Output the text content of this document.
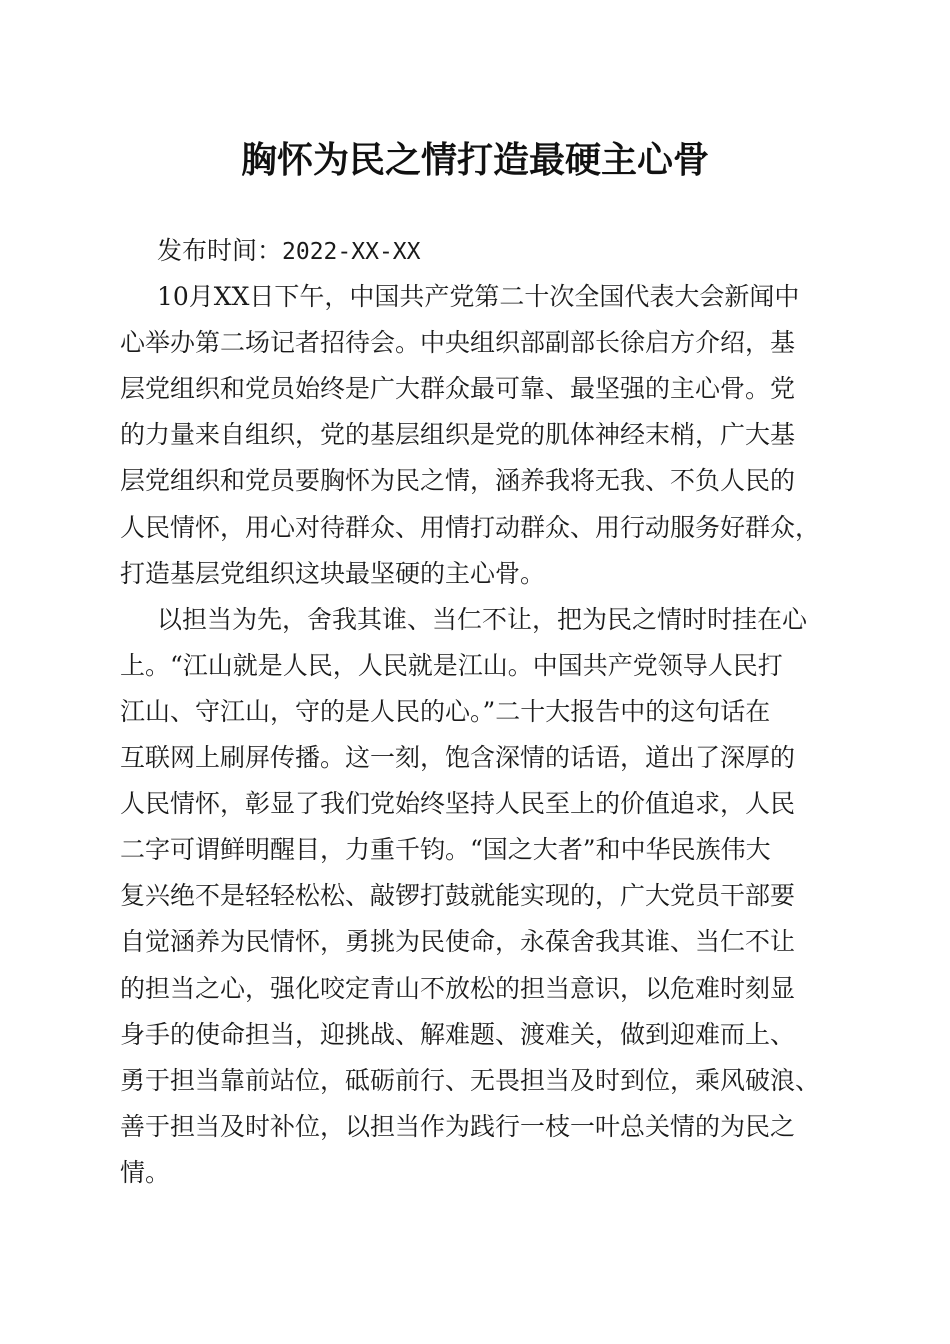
胸怀为民之情打造最硬主心骨
发布时间：2022-XX-XX
10月XX日下午，中国共产党第二十次全国代表大会新闻中
心举办第二场记者招待会。中央组织部副部长徐启方介绍，基
层党组织和党员始终是广大群众最可靠、最坚强的主心骨。党
的力量来自组织，党的基层组织是党的肌体神经末梢，广大基
层党组织和党员要胸怀为民之情，涵养我将无我、不负人民的
人民情怀，用心对待群众、用情打动群众、用行动服务好群众，
打造基层党组织这块最坚硬的主心骨。
以担当为先，舍我其谁、当仁不让，把为民之情时时挂在心
上。“江山就是人民，人民就是江山。中国共产党领导人民打
江山、守江山，守的是人民的心。”二十大报告中的这句话在
互联网上刷屏传播。这一刻，饱含深情的话语，道出了深厚的
人民情怀，彰显了我们党始终坚持人民至上的价值追求，人民
二字可谓鲜明醒目，力重千钧。“国之大者”和中华民族伟大
复兴绝不是轻轻松松、敲锣打鼓就能实现的，广大党员干部要
自觉涵养为民情怀，勇挑为民使命，永葆舍我其谁、当仁不让
的担当之心，强化咬定青山不放松的担当意识，以危难时刻显
身手的使命担当，迎挑战、解难题、渡难关，做到迎难而上、
勇于担当靠前站位，砥砺前行、无畏担当及时到位，乘风破浪、
善于担当及时补位，以担当作为践行一枝一叶总关情的为民之
情。
